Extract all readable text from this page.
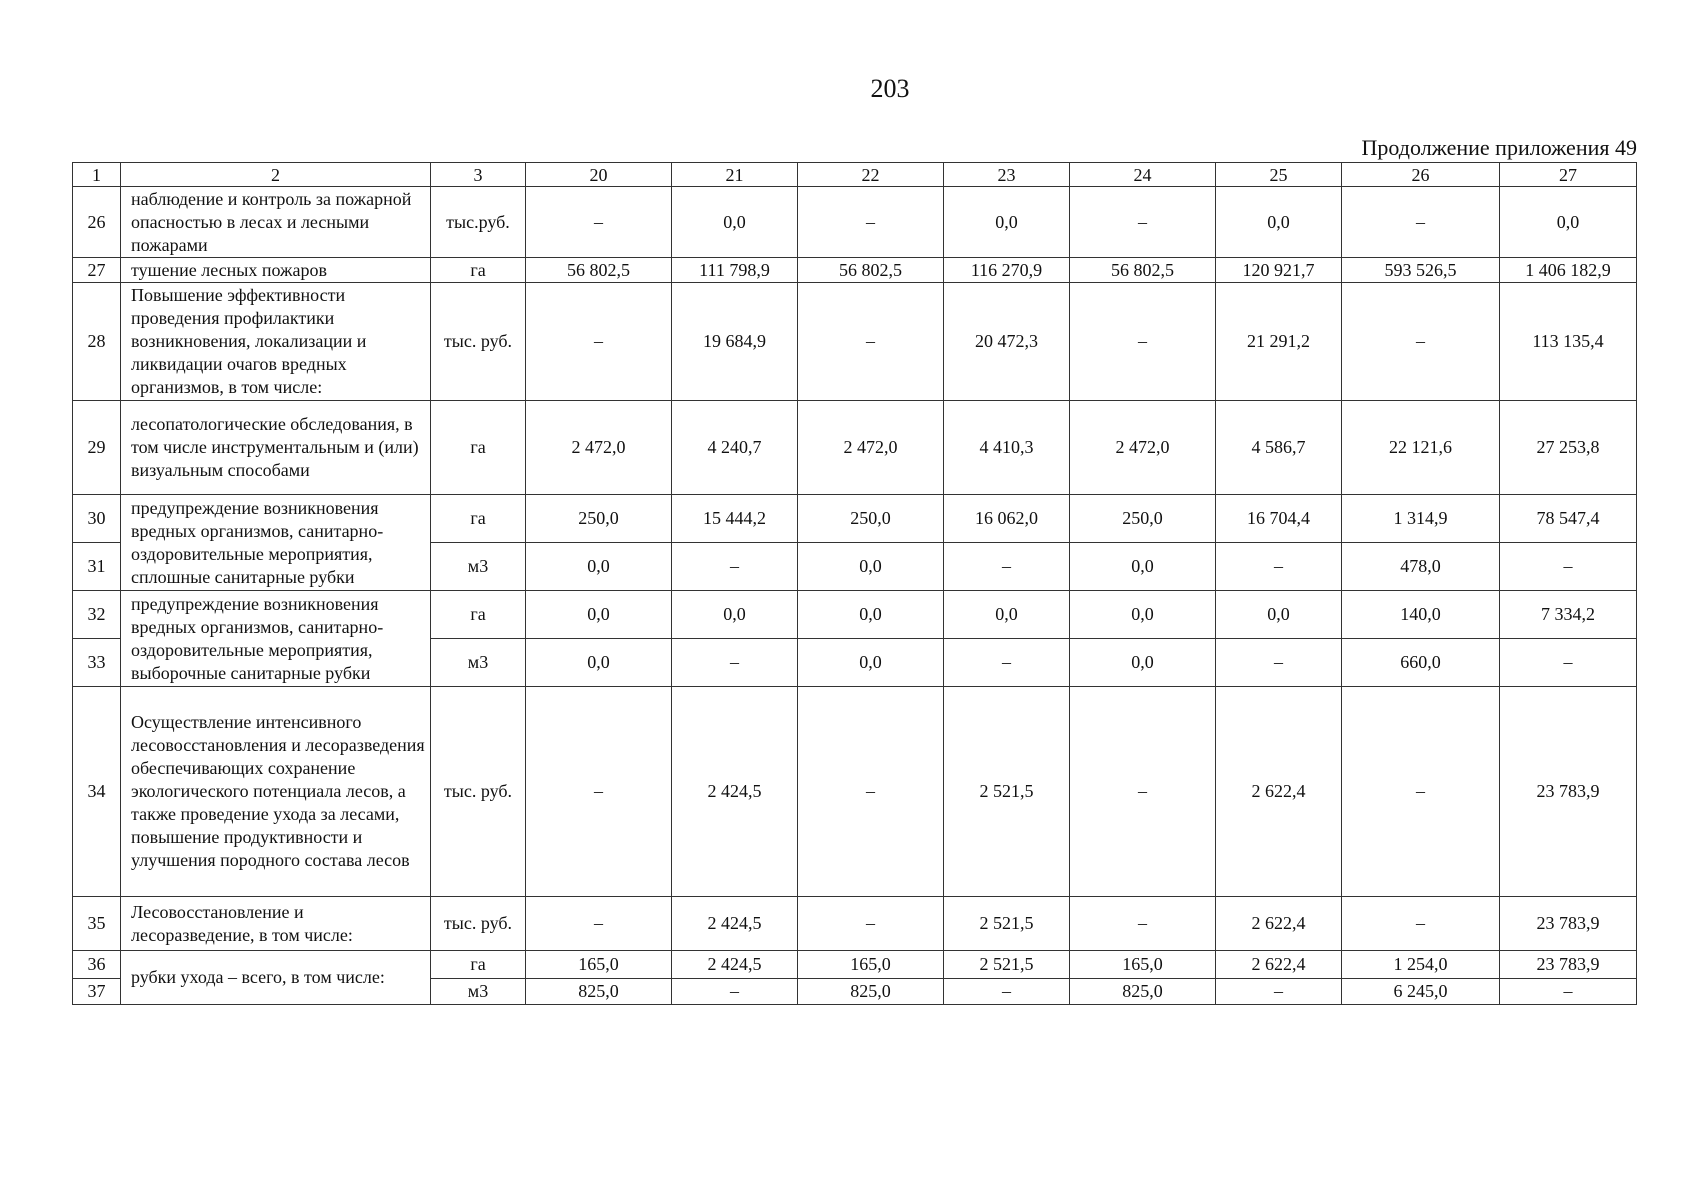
203
Продолжение приложения 49
1	2	3	20	21	22	23	24	25	26	27
26	наблюдение и контроль за пожарной опасностью в лесах и лесными пожарами	тыс.руб.	–	0,0	–	0,0	–	0,0	–	0,0
27	тушение лесных пожаров	га	56 802,5	111 798,9	56 802,5	116 270,9	56 802,5	120 921,7	593 526,5	1 406 182,9
28	Повышение эффективности проведения профилактики возникновения, локализации и ликвидации очагов вредных организмов, в том числе:	тыс. руб.	–	19 684,9	–	20 472,3	–	21 291,2	–	113 135,4
29	лесопатологические обследования, в том числе инструментальным и (или) визуальным способами	га	2 472,0	4 240,7	2 472,0	4 410,3	2 472,0	4 586,7	22 121,6	27 253,8
30	предупреждение возникновения вредных организмов, санитарно-оздоровительные мероприятия, сплошные санитарные рубки	га	250,0	15 444,2	250,0	16 062,0	250,0	16 704,4	1 314,9	78 547,4
31		м3	0,0	–	0,0	–	0,0	–	478,0	–
32	предупреждение возникновения вредных организмов, санитарно-оздоровительные мероприятия, выборочные санитарные рубки	га	0,0	0,0	0,0	0,0	0,0	0,0	140,0	7 334,2
33		м3	0,0	–	0,0	–	0,0	–	660,0	–
34	Осуществление интенсивного лесовосстановления и лесоразведения обеспечивающих сохранение экологического потенциала лесов, а также проведение ухода за лесами, повышение продуктивности и улучшения породного состава лесов	тыс. руб.	–	2 424,5	–	2 521,5	–	2 622,4	–	23 783,9
35	Лесовосстановление и лесоразведение, в том числе:	тыс. руб.	–	2 424,5	–	2 521,5	–	2 622,4	–	23 783,9
36	рубки ухода – всего, в том числе:	га	165,0	2 424,5	165,0	2 521,5	165,0	2 622,4	1 254,0	23 783,9
37		м3	825,0	–	825,0	–	825,0	–	6 245,0	–
